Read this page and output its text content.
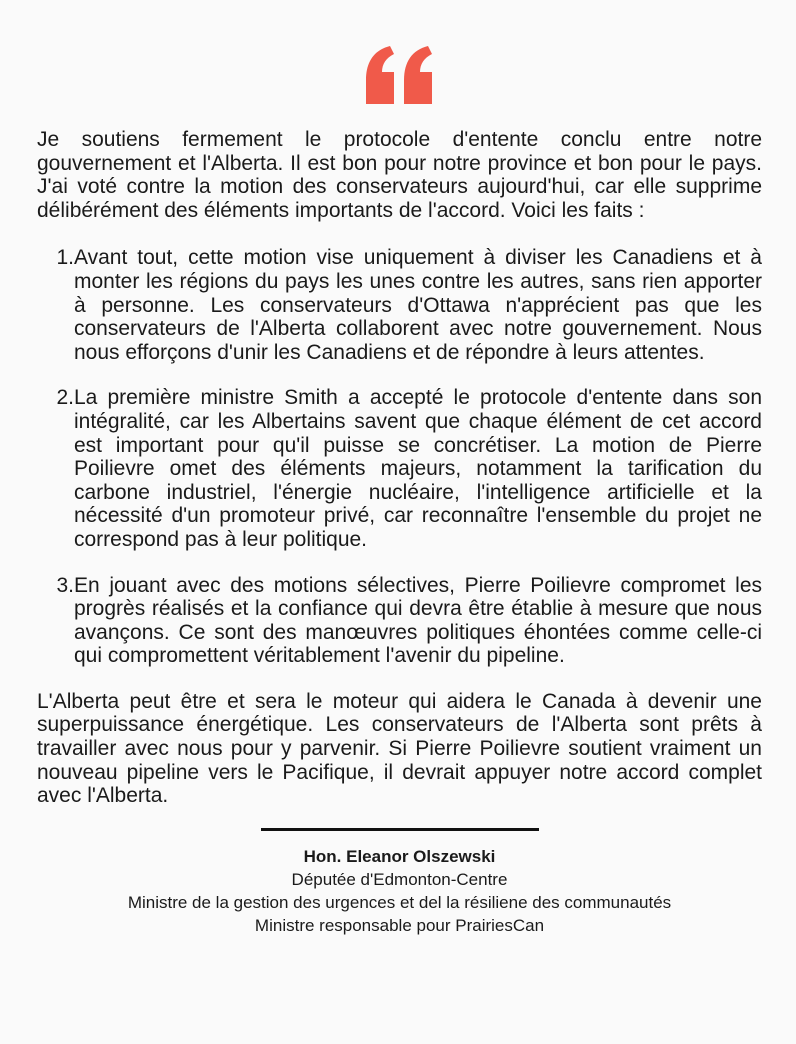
Je soutiens fermement le protocole d'entente conclu entre notre gouvernement et l'Alberta. Il est bon pour notre province et bon pour le pays. J'ai voté contre la motion des conservateurs aujourd'hui, car elle supprime délibérément des éléments importants de l'accord. Voici les faits :

1. Avant tout, cette motion vise uniquement à diviser les Canadiens et à monter les régions du pays les unes contre les autres, sans rien apporter à personne. Les conservateurs d'Ottawa n'apprécient pas que les conservateurs de l'Alberta collaborent avec notre gouvernement. Nous nous efforçons d'unir les Canadiens et de répondre à leurs attentes.

2. La première ministre Smith a accepté le protocole d'entente dans son intégralité, car les Albertains savent que chaque élément de cet accord est important pour qu'il puisse se concrétiser. La motion de Pierre Poilievre omet des éléments majeurs, notamment la tarification du carbone industriel, l'énergie nucléaire, l'intelligence artificielle et la nécessité d'un promoteur privé, car reconnaître l'ensemble du projet ne correspond pas à leur politique.

3. En jouant avec des motions sélectives, Pierre Poilievre compromet les progrès réalisés et la confiance qui devra être établie à mesure que nous avançons. Ce sont des manœuvres politiques éhontées comme celle-ci qui compromettent véritablement l'avenir du pipeline.

L'Alberta peut être et sera le moteur qui aidera le Canada à devenir une superpuissance énergétique. Les conservateurs de l'Alberta sont prêts à travailler avec nous pour y parvenir. Si Pierre Poilievre soutient vraiment un nouveau pipeline vers le Pacifique, il devrait appuyer notre accord complet avec l'Alberta.

Hon. Eleanor Olszewski
Députée d'Edmonton-Centre
Ministre de la gestion des urgences et del la résiliene des communautés
Ministre responsable pour PrairiesCan
